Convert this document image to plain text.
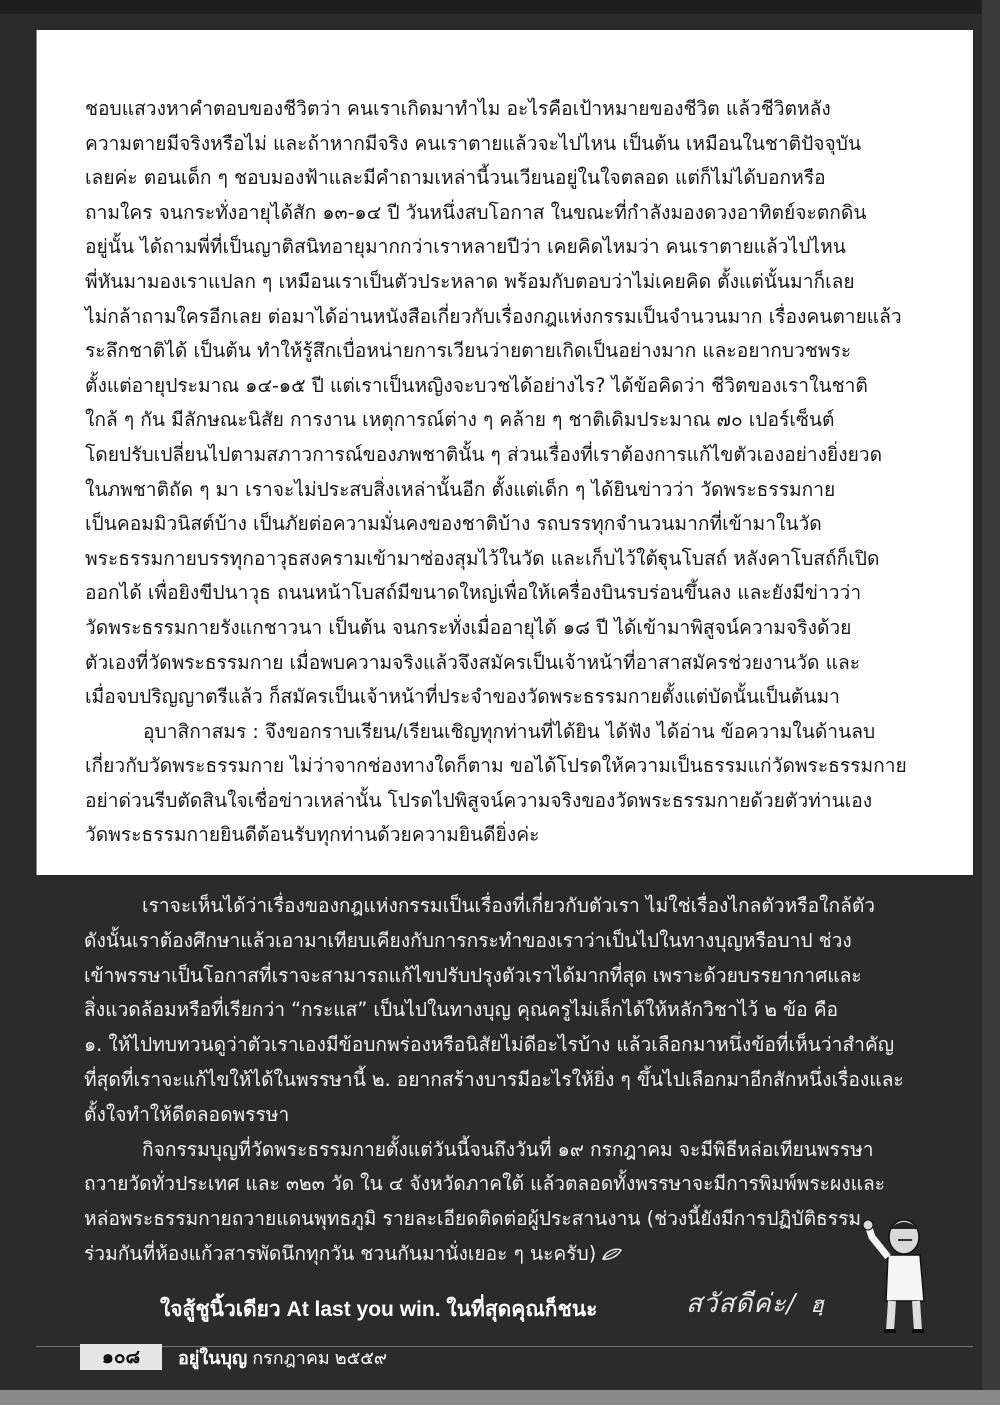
ชอบแสวงหาคำตอบของชีวิตว่า คนเราเกิดมาทำไม อะไรคือเป้าหมายของชีวิต แล้วชีวิตหลัง
ความตายมีจริงหรือไม่ และถ้าหากมีจริง คนเราตายแล้วจะไปไหน เป็นต้น เหมือนในชาติปัจจุบัน
เลยค่ะ ตอนเด็ก ๆ ชอบมองฟ้าและมีคำถามเหล่านี้วนเวียนอยู่ในใจตลอด แต่ก็ไม่ได้บอกหรือ
ถามใคร จนกระทั่งอายุได้สัก ๑๓-๑๔ ปี วันหนึ่งสบโอกาส ในขณะที่กำลังมองดวงอาทิตย์จะตกดิน
อยู่นั้น ได้ถามพี่ที่เป็นญาติสนิทอายุมากกว่าเราหลายปีว่า เคยคิดไหมว่า คนเราตายแล้วไปไหน
พี่หันมามองเราแปลก ๆ เหมือนเราเป็นตัวประหลาด พร้อมกับตอบว่าไม่เคยคิด ตั้งแต่นั้นมาก็เลย
ไม่กล้าถามใครอีกเลย ต่อมาได้อ่านหนังสือเกี่ยวกับเรื่องกฎแห่งกรรมเป็นจำนวนมาก เรื่องคนตายแล้ว
ระลึกชาติได้ เป็นต้น ทำให้รู้สึกเบื่อหน่ายการเวียนว่ายตายเกิดเป็นอย่างมาก และอยากบวชพระ
ตั้งแต่อายุประมาณ ๑๔-๑๕ ปี แต่เราเป็นหญิงจะบวชได้อย่างไร? ได้ข้อคิดว่า ชีวิตของเราในชาติ
ใกล้ ๆ กัน มีลักษณะนิสัย การงาน เหตุการณ์ต่าง ๆ คล้าย ๆ ชาติเดิมประมาณ ๗๐ เปอร์เซ็นต์
โดยปรับเปลี่ยนไปตามสภาวการณ์ของภพชาตินั้น ๆ ส่วนเรื่องที่เราต้องการแก้ไขตัวเองอย่างยิ่งยวด
ในภพชาติถัด ๆ มา เราจะไม่ประสบสิ่งเหล่านั้นอีก ตั้งแต่เด็ก ๆ ได้ยินข่าวว่า วัดพระธรรมกาย
เป็นคอมมิวนิสต์บ้าง เป็นภัยต่อความมั่นคงของชาติบ้าง รถบรรทุกจำนวนมากที่เข้ามาในวัด
พระธรรมกายบรรทุกอาวุธสงครามเข้ามาซ่องสุมไว้ในวัด และเก็บไว้ใต้ฐุนโบสถ์ หลังคาโบสถ์ก็เปิด
ออกได้ เพื่อยิงขีปนาวุธ ถนนหน้าโบสถ์มีขนาดใหญ่เพื่อให้เครื่องบินรบร่อนขึ้นลง และยังมีข่าวว่า
วัดพระธรรมกายรังแกชาวนา เป็นต้น จนกระทั่งเมื่ออายุได้ ๑๘ ปี ได้เข้ามาพิสูจน์ความจริงด้วย
ตัวเองที่วัดพระธรรมกาย เมื่อพบความจริงแล้วจึงสมัครเป็นเจ้าหน้าที่อาสาสมัครช่วยงานวัด และ
เมื่อจบปริญญาตรีแล้ว ก็สมัครเป็นเจ้าหน้าที่ประจำของวัดพระธรรมกายตั้งแต่บัดนั้นเป็นต้นมา

อุบาสิกาสมร : จึงขอกราบเรียน/เรียนเชิญทุกท่านที่ได้ยิน ได้ฟัง ได้อ่าน ข้อความในด้านลบ
เกี่ยวกับวัดพระธรรมกาย ไม่ว่าจากช่องทางใดก็ตาม ขอได้โปรดให้ความเป็นธรรมแก่วัดพระธรรมกาย
อย่าด่วนรีบตัดสินใจเชื่อข่าวเหล่านั้น โปรดไปพิสูจน์ความจริงของวัดพระธรรมกายด้วยตัวท่านเอง
วัดพระธรรมกายยินดีต้อนรับทุกท่านด้วยความยินดียิ่งค่ะ

เราจะเห็นได้ว่าเรื่องของกฎแห่งกรรมเป็นเรื่องที่เกี่ยวกับตัวเรา ไม่ใช่เรื่องไกลตัวหรือใกล้ตัว
ดังนั้นเราต้องศึกษาแล้วเอามาเทียบเคียงกับการกระทำของเราว่าเป็นไปในทางบุญหรือบาป ช่วง
เข้าพรรษาเป็นโอกาสที่เราจะสามารถแก้ไขปรับปรุงตัวเราได้มากที่สุด เพราะด้วยบรรยากาศและ
สิ่งแวดล้อมหรือที่เรียกว่า “กระแส” เป็นไปในทางบุญ คุณครูไม่เล็กได้ให้หลักวิชาไว้ ๒ ข้อ คือ
๑. ให้ไปทบทวนดูว่าตัวเราเองมีข้อบกพร่องหรือนิสัยไม่ดีอะไรบ้าง แล้วเลือกมาหนึ่งข้อที่เห็นว่าสำคัญ
ที่สุดที่เราจะแก้ไขให้ได้ในพรรษานี้ ๒. อยากสร้างบารมีอะไรให้ยิ่ง ๆ ขึ้นไปเลือกมาอีกสักหนึ่งเรื่องและ
ตั้งใจทำให้ดีตลอดพรรษา

กิจกรรมบุญที่วัดพระธรรมกายตั้งแต่วันนี้จนถึงวันที่ ๑๙ กรกฎาคม จะมีพิธีหล่อเทียนพรรษา
ถวายวัดทั่วประเทศ และ ๓๒๓ วัด ใน ๔ จังหวัดภาคใต้ แล้วตลอดทั้งพรรษาจะมีการพิมพ์พระผงและ
หล่อพระธรรมกายถวายแดนพุทธภูมิ รายละเอียดติดต่อผู้ประสานงาน (ช่วงนี้ยังมีการปฏิบัติธรรม
ร่วมกันที่ห้องแก้วสารพัดนึกทุกวัน ชวนกันมานั่งเยอะ ๆ นะครับ)

ใจสู้ชูนิ้วเดียว At last you win. ในที่สุดคุณก็ชนะ	สวัสดีค่ะ/ ฮฺ
๑๐๘	อยู่ในบุญ กรกฎาคม ๒๕๕๙
